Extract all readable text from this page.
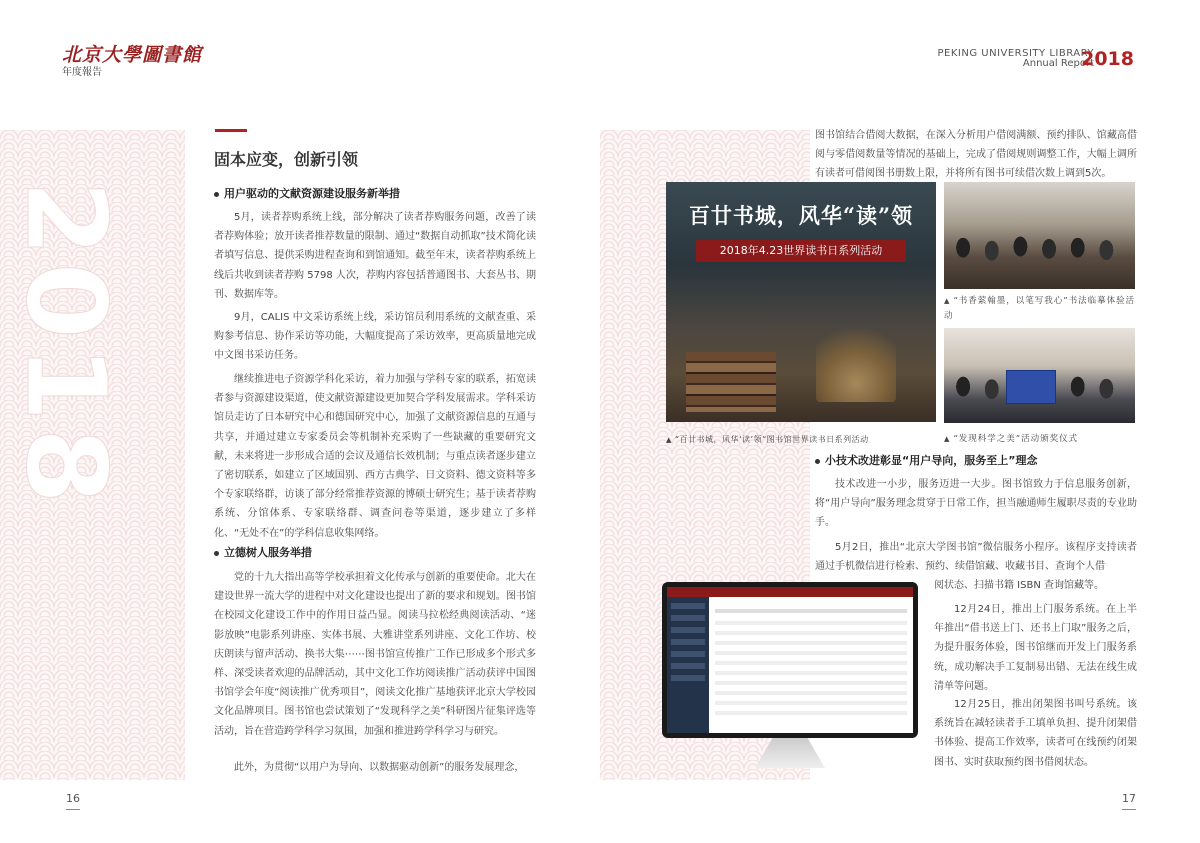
北京大學圖書館
年度報告
PEKING UNIVERSITY LIBRARY
Annual Report
2018
2018
固本应变，创新引领
用户驱动的文献资源建设服务新举措
5月，读者荐购系统上线，部分解决了读者荐购服务问题，改善了读者荐购体验；放开读者推荐数量的限制、通过“数据自动抓取”技术简化读者填写信息、提供采购进程查询和到馆通知。截至年末，读者荐购系统上线后共收到读者荐购 5798 人次，荐购内容包括普通图书、大套丛书、期刊、数据库等。
9月，CALIS 中文采访系统上线，采访馆员利用系统的文献查重、采购参考信息、协作采访等功能，大幅度提高了采访效率，更高质量地完成中文图书采访任务。
继续推进电子资源学科化采访，着力加强与学科专家的联系，拓宽读者参与资源建设渠道，使文献资源建设更加契合学科发展需求。学科采访馆员走访了日本研究中心和德国研究中心，加强了文献资源信息的互通与共享，并通过建立专家委员会等机制补充采购了一些缺藏的重要研究文献，未来将进一步形成合适的会议及通信长效机制；与重点读者逐步建立了密切联系，如建立了区域国别、西方古典学、日文资料、德文资料等多个专家联络群，访谈了部分经常推荐资源的博硕士研究生；基于读者荐购系统、分馆体系、专家联络群、调查问卷等渠道，逐步建立了多样化、“无处不在”的学科信息收集网络。
立德树人服务举措
党的十九大指出高等学校承担着文化传承与创新的重要使命。北大在建设世界一流大学的进程中对文化建设也提出了新的要求和规划。图书馆在校园文化建设工作中的作用日益凸显。阅读马拉松经典阅读活动、“迷影放映”电影系列讲座、实体书展、大雅讲堂系列讲座、文化工作坊、校庆朗读与留声活动、换书大集⋯⋯图书馆宣传推广工作已形成多个形式多样、深受读者欢迎的品牌活动，其中文化工作坊阅读推广活动获评中国图书馆学会年度“阅读推广优秀项目”，阅读文化推广基地获评北京大学校园文化品牌项目。图书馆也尝试策划了“发现科学之美”科研图片征集评选等活动，旨在营造跨学科学习氛围，加强和推进跨学科学习与研究。
此外，为贯彻“以用户为导向、以数据驱动创新”的服务发展理念，
16
图书馆结合借阅大数据，在深入分析用户借阅满额、预约排队、馆藏高借阅与零借阅数量等情况的基础上，完成了借阅规则调整工作，大幅上调所有读者可借阅图书册数上限，并将所有图书可续借次数上调到5次。
百廿书城，风华“读”领
2018年4.23世界读书日系列活动
▲ “书香萦翰墨，以笔写我心”书法临摹体验活动
▲ “百廿书城，风华‘读’领”图书馆世界读书日系列活动
▲	“发现科学之美”活动颁奖仪式
小技术改进彰显“用户导向，服务至上”理念
技术改进一小步，服务迈进一大步。图书馆致力于信息服务创新，将“用户导向”服务理念贯穿于日常工作，担当融通师生履职尽责的专业助手。
5月2日，推出“北京大学图书馆”微信服务小程序。该程序支持读者通过手机微信进行检索、预约、续借馆藏、收藏书目、查询个人借
阅状态、扫描书籍 ISBN 查询馆藏等。
12月24日，推出上门服务系统。在上半年推出“借书送上门、还书上门取”服务之后，为提升服务体验，图书馆继而开发上门服务系统，成功解决手工复制易出错、无法在线生成清单等问题。
12月25日，推出闭架图书叫号系统。该系统旨在减轻读者手工填单负担、提升闭架借书体验、提高工作效率，读者可在线预约闭架图书、实时获取预约图书借阅状态。
17
